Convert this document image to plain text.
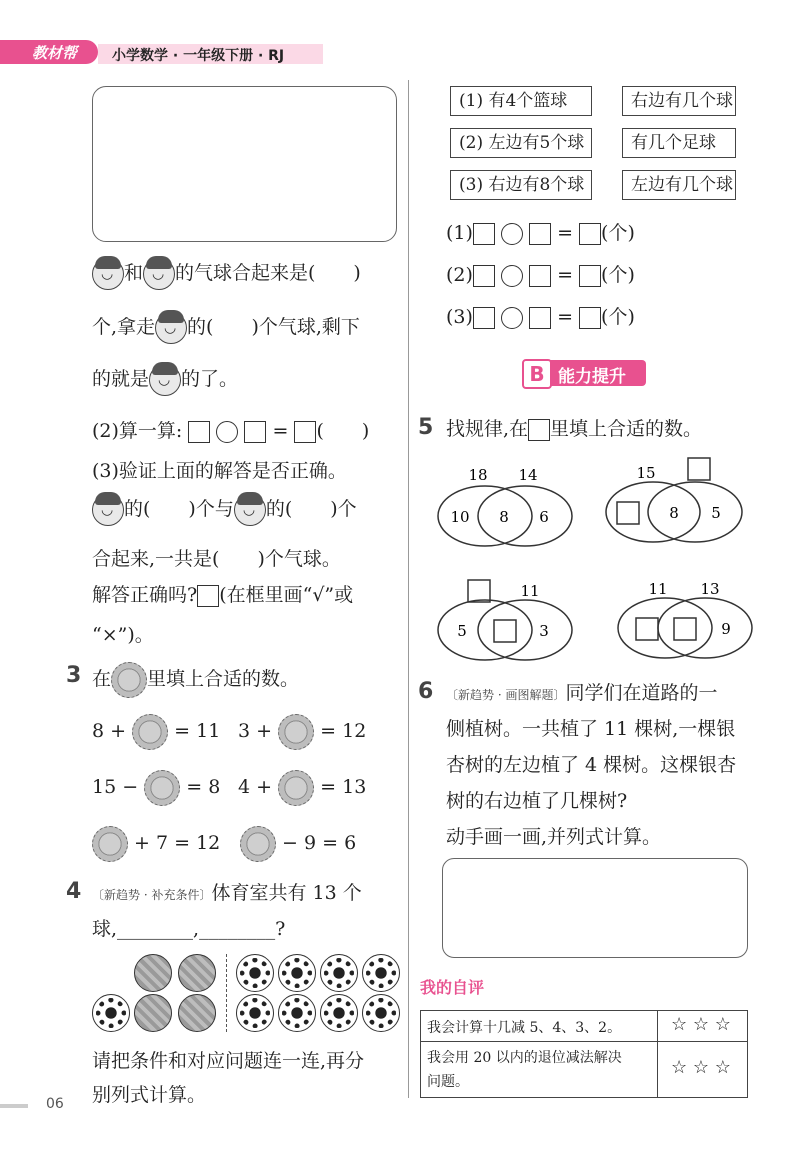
教材帮 小学数学 · 一年级下册 · RJ
◡和 ◡ 的气球合起来是(　　)
个,拿走 ◡ 的(　　)个气球,剩下
的就是 ◡ 的了。
(2)算一算:	= (　　)
(3)验证上面的解答是否正确。
◡的(　　)个与 ◡ 的(　　)个
合起来,一共是(　　)个气球。
解答正确吗? (在框里画“√”或
“×”)。
3 在 里填上合适的数。
8 +	= 11 3 +	= 12
15 −	= 8 4 +	= 13
+ 7 = 12	− 9 = 6
4 〔新趋势 · 补充条件〕体育室共有 13 个
球,________,________?
请把条件和对应问题连一连,再分
别列式计算。
06
(1) 有4个篮球
(2) 左边有5个球
(3) 右边有8个球
右边有几个球
有几个足球
左边有几个球
(1)	= (个)
(2)	= (个)
(3)	= (个)
B 能力提升
5 找规律,在 里填上合适的数。
18 14
10 8 6
15
8 5
11
5	3
11 13
9
6 〔新趋势 · 画图解题〕同学们在道路的一
侧植树。一共植了 11 棵树,一棵银
杏树的左边植了 4 棵树。这棵银杏
树的右边植了几棵树?
动手画一画,并列式计算。
我的自评
我会计算十几减 5、4、3、2。	☆ ☆ ☆
我会用 20 以内的退位减法解决
问题。
☆ ☆ ☆
